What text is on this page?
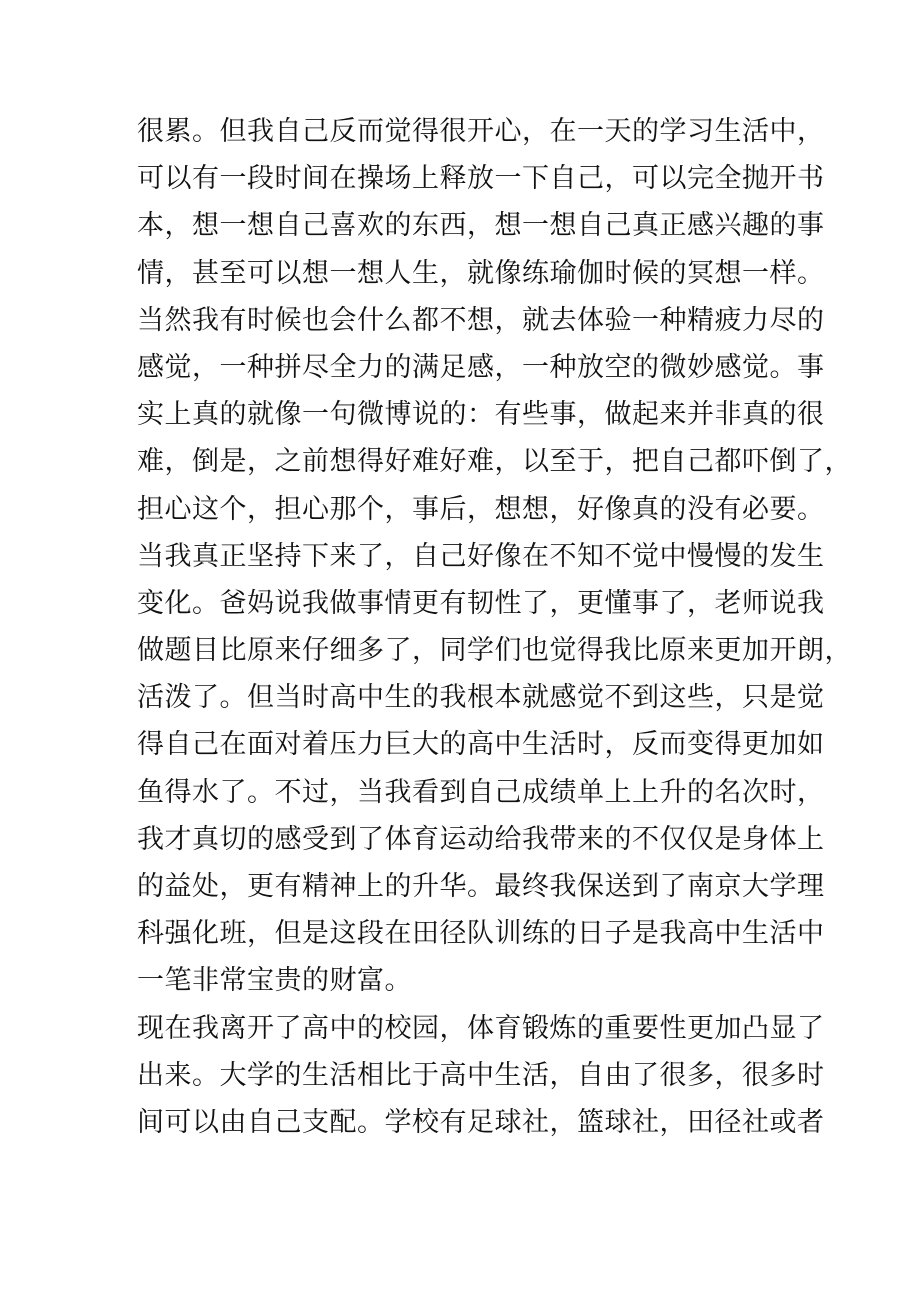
很累。但我自己反而觉得很开心，在一天的学习生活中，
可以有一段时间在操场上释放一下自己，可以完全抛开书
本，想一想自己喜欢的东西，想一想自己真正感兴趣的事
情，甚至可以想一想人生，就像练瑜伽时候的冥想一样。
当然我有时候也会什么都不想，就去体验一种精疲力尽的
感觉，一种拼尽全力的满足感，一种放空的微妙感觉。事
实上真的就像一句微博说的：有些事，做起来并非真的很
难，倒是，之前想得好难好难，以至于，把自己都吓倒了，
担心这个，担心那个，事后，想想，好像真的没有必要。
当我真正坚持下来了，自己好像在不知不觉中慢慢的发生
变化。爸妈说我做事情更有韧性了，更懂事了，老师说我
做题目比原来仔细多了，同学们也觉得我比原来更加开朗，
活泼了。但当时高中生的我根本就感觉不到这些，只是觉
得自己在面对着压力巨大的高中生活时，反而变得更加如
鱼得水了。不过，当我看到自己成绩单上上升的名次时，
我才真切的感受到了体育运动给我带来的不仅仅是身体上
的益处，更有精神上的升华。最终我保送到了南京大学理
科强化班，但是这段在田径队训练的日子是我高中生活中
一笔非常宝贵的财富。
现在我离开了高中的校园，体育锻炼的重要性更加凸显了
出来。大学的生活相比于高中生活，自由了很多，很多时
间可以由自己支配。学校有足球社，篮球社，田径社或者
